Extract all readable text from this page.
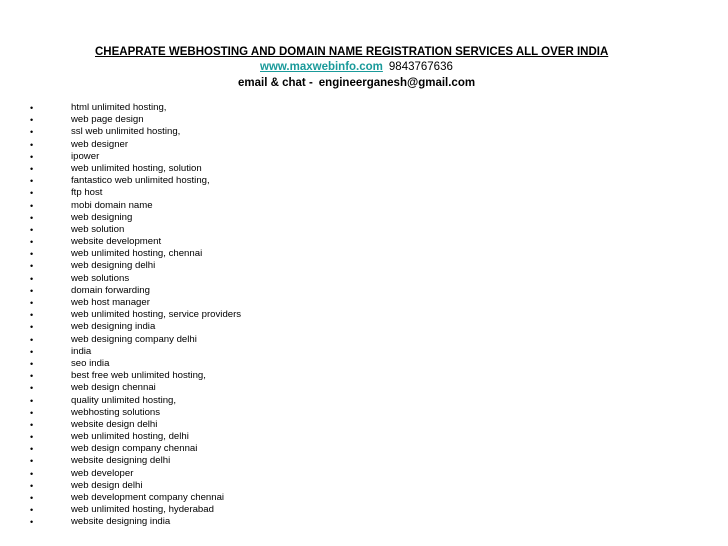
CHEAPRATE WEBHOSTING AND DOMAIN NAME REGISTRATION SERVICES ALL OVER INDIA
www.maxwebinfo.com 9843767636
email & chat - engineerganesh@gmail.com
•	html unlimited hosting,
•	web page design
•	ssl web unlimited hosting,
•	web designer
•	ipower
•	web unlimited hosting, solution
•	fantastico web unlimited hosting,
•	ftp host
•	mobi domain name
•	web designing
•	web solution
•	website development
•	web unlimited hosting, chennai
•	web designing delhi
•	web solutions
•	domain forwarding
•	web host manager
•	web unlimited hosting, service providers
•	web designing india
•	web designing company delhi
•	india
•	seo india
•	best free web unlimited hosting,
•	web design chennai
•	quality unlimited hosting,
•	webhosting solutions
•	website design delhi
•	web unlimited hosting, delhi
•	web design company chennai
•	website designing delhi
•	web developer
•	web design delhi
•	web development company chennai
•	web unlimited hosting, hyderabad
•	website designing india
